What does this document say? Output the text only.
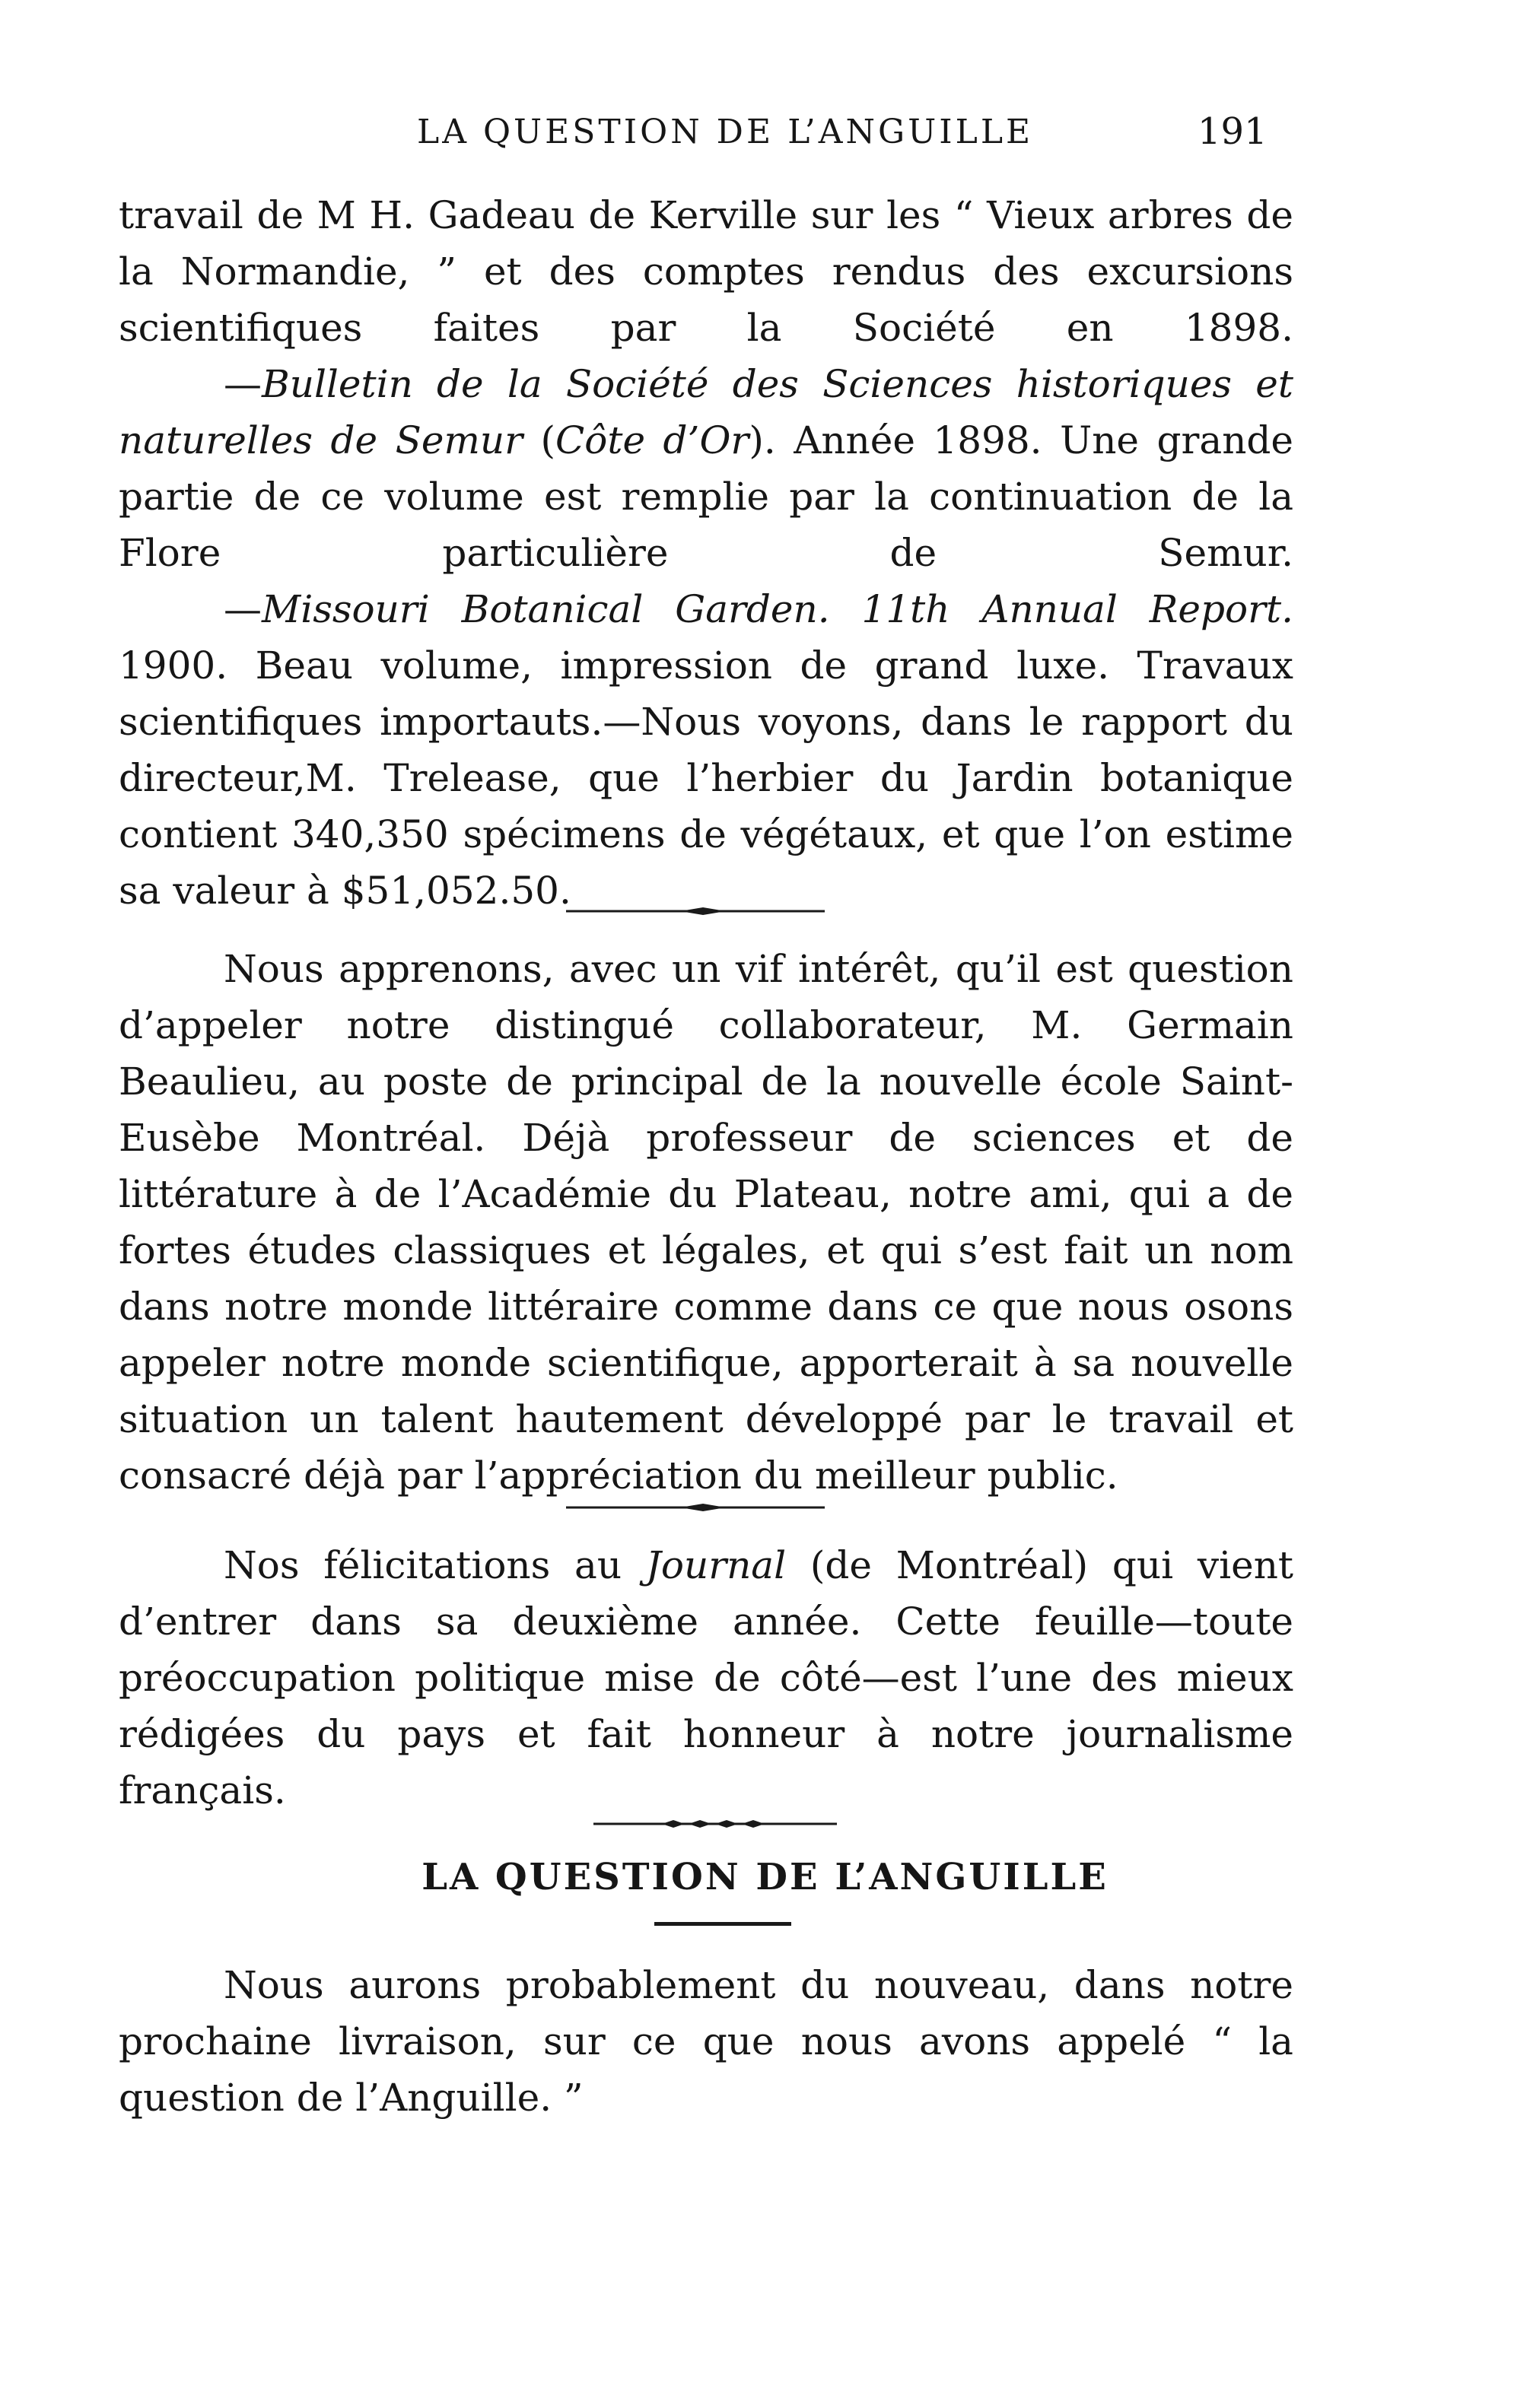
LA QUESTION DE L’ANGUILLE	191

travail de M H. Gadeau de Kerville sur les “ Vieux arbres de la Normandie, ” et des comptes rendus des excursions scientifiques faites par la Société en 1898.

—Bulletin de la Société des Sciences historiques et naturelles de Semur (Côte d’Or). Année 1898. Une grande partie de ce volume est remplie par la continuation de la Flore particulière de Semur.

—Missouri Botanical Garden. 11th Annual Report. 1900. Beau volume, impression de grand luxe. Travaux scientifiques importauts.—Nous voyons, dans le rapport du directeur,M. Trelease, que l’herbier du Jardin botanique contient 340,350 spécimens de végétaux, et que l’on estime sa valeur à $51,052.50.

Nous apprenons, avec un vif intérêt, qu’il est question d’appeler notre distingué collaborateur, M. Germain Beaulieu, au poste de principal de la nouvelle école Saint-Eusèbe Montréal. Déjà professeur de sciences et de littérature à de l’Académie du Plateau, notre ami, qui a de fortes études classiques et légales, et qui s’est fait un nom dans notre monde littéraire comme dans ce que nous osons appeler notre monde scientifique, apporterait à sa nouvelle situation un talent hautement développé par le travail et consacré déjà par l’appréciation du meilleur public.

Nos félicitations au Journal (de Montréal) qui vient d’entrer dans sa deuxième année. Cette feuille—toute préoccupation politique mise de côté—est l’une des mieux rédigées du pays et fait honneur à notre journalisme français.

LA QUESTION DE L’ANGUILLE

Nous aurons probablement du nouveau, dans notre prochaine livraison, sur ce que nous avons appelé “ la question de l’Anguille. ”
